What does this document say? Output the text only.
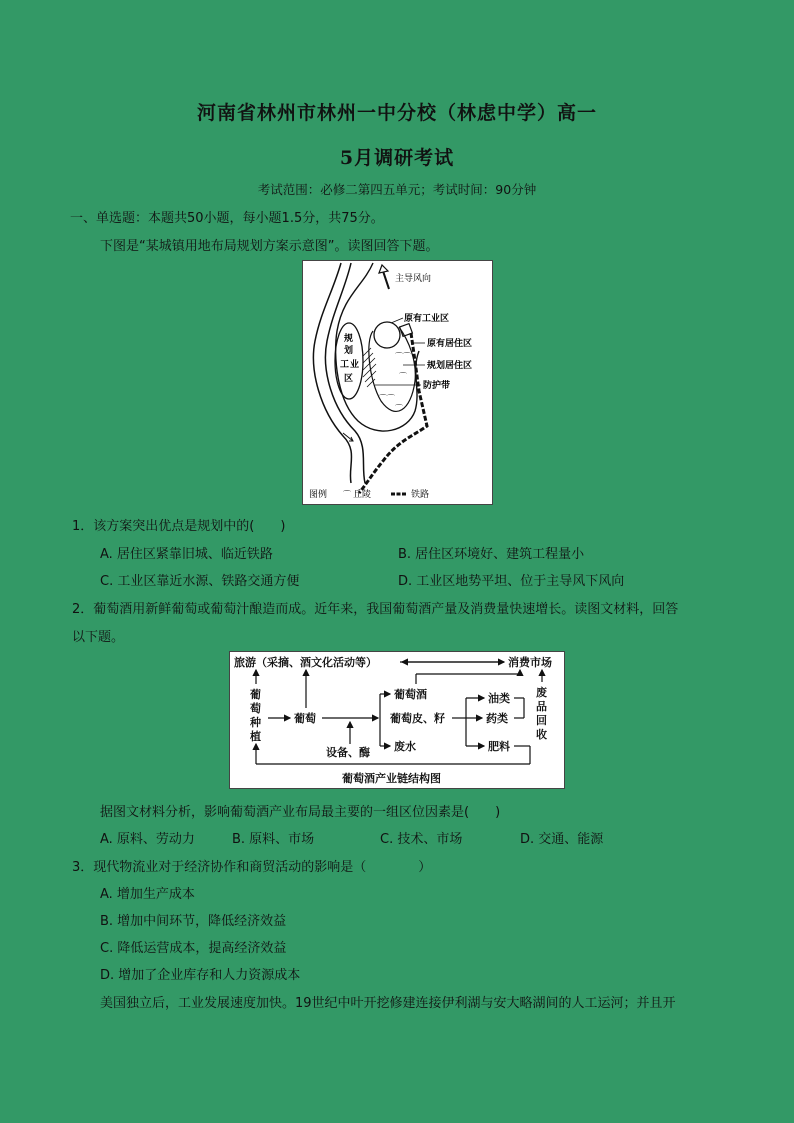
河南省林州市林州一中分校（林虑中学）高一
5月调研考试
考试范围：必修二第四五单元；考试时间：90分钟
一、单选题：本题共50小题，每小题1.5分，共75分。
下图是“某城镇用地布局规划方案示意图”。读图回答下题。
主导风向
⌒⌒
⌒
⌒⌒
⌒
原有工业区
原有居住区
规划居住区
防护带
规
划
工 业
区
图例 ⌒ 丘陵	铁路
1．该方案突出优点是规划中的(　　)
A. 居住区紧靠旧城、临近铁路	B. 居住区环境好、建筑工程量小
C. 工业区靠近水源、铁路交通方便	D. 工业区地势平坦、位于主导风下风向
2．葡萄酒用新鲜葡萄或葡萄汁酿造而成。近年来，我国葡萄酒产量及消费量快速增长。读图文材料，回答
以下题。
旅游（采摘、酒文化活动等）	消费市场
葡
萄
种
植
葡萄
葡萄酒
葡萄皮、籽
废水
设备、酶
油类
药类
肥料
废
品
回
收
葡萄酒产业链结构图
据图文材料分析，影响葡萄酒产业布局最主要的一组区位因素是(　　)
A. 原料、劳动力	B. 原料、市场	C. 技术、市场	D. 交通、能源
3．现代物流业对于经济协作和商贸活动的影响是（　　　　）
A. 增加生产成本
B. 增加中间环节，降低经济效益
C. 降低运营成本，提高经济效益
D. 增加了企业库存和人力资源成本
美国独立后，工业发展速度加快。19世纪中叶开挖修建连接伊利湖与安大略湖间的人工运河；并且开
